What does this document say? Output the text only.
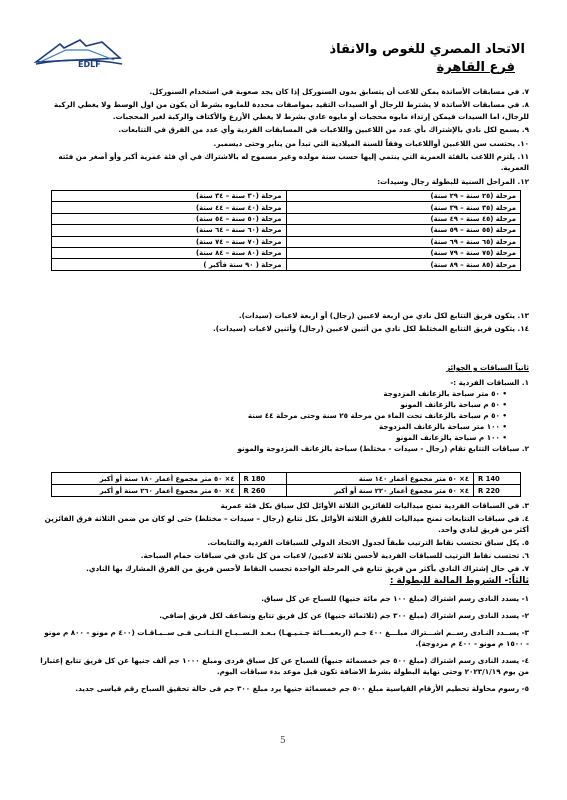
EDLF
الاتحاد المصري للغوص والانقاذ
فرع القاهرة

٧. في مسابقات الأساتذة يمكن للاعب أن يتسابق بدون السنوركل إذا كان يجد صعوبة في استخدام السنوركل.

٨. في مسابقات الأساتذة لا يشترط للرجال أو السيدات التقيد بمواصفات محددة للمايوه بشرط أن يكون من اول الوسط ولا يغطي الركبة للرجال، اما السيدات فيمكن إرتداء مايوه محجبات أو مايوه عادي بشرط لا يغطي الأزرع والأكتاف والركبة لغير المحجبات.

٩. يسمح لكل نادي بالإشتراك بأي عدد من اللاعبين واللاعبات في المسابقات الفردية وأي عدد من الفرق في التتابعات.

١٠. يحتسب سن اللاعبين أواللاعبات وفقاً للسنة الميلادية التي تبدأ من يناير وحتى ديسمبر.

١١. يلتزم اللاعب بالفئة العمرية التي ينتمي إليها حسب سنة مولده وغير مسموح له بالاشتراك في أي فئة عمرية أكبر وأو أصغر من فئته العمرية.

١٢. المراحل السنية للبطولة رجال وسيدات:

مرحلة (٢٥ سنة – ٢٩ سنة)	مرحلة (٣٠ سنة – ٣٤ سنة)
مرحلة (٣٥ سنة – ٣٩ سنة)	مرحلة (٤٠ سنة – ٤٤ سنة)
مرحلة (٤٥ سنة – ٤٩ سنة)	مرحلة (٥٠ سنة – ٥٤ سنة)
مرحلة (٥٥ سنة – ٥٩ سنة)	مرحلة (٦٠ سنة – ٦٤ سنة)
مرحلة (٦٥ سنة – ٦٩ سنة)	مرحلة (٧٠ سنة – ٧٤ سنة)
مرحلة (٧٥ سنة – ٧٩ سنة)	مرحلة (٨٠ سنة – ٨٤ سنة)
مرحلة (٨٥ سنة – ٨٩ سنة)	مرحلة ( ٩٠ سنة فأكبر )

١٣. يتكون فريق التتابع لكل نادي من اربعة لاعبين (رجال) أو اربعة لاعبات (سيدات).

١٤. يتكون فريق التتابع المختلط لكل نادي من أثنين لاعبين (رجال) وأثنين لاعبات (سيدات).

ثانياً السباقات و الجوائز
١. السباقات الفردية :-
• ٥٠ متر سباحة بالزعانف المزدوجة
• ٥٠ م سباحة بالزعانف المونو
• ٥٠ م سباحة بالزعانف تحت الماء من مرحلة ٢٥ سنة وحتى مرحلة ٤٤ سنة
• ١٠٠ متر سباحة بالزعانف المزدوجة
• ١٠٠ م سباحة بالزعانف المونو
٢. سباقات التتابع تقام (رجال - سيدات - مختلط) سباحة بالزعانف المزدوجة والمونو
R 140	٤× ٥٠ متر مجموع أعمار ١٤٠ سنة	R 180	٤× ٥٠ متر مجموع أعمار ١٨٠ سنة أو أكبر
R 220	٤× ٥٠ متر مجموع أعمار ٢٢٠ سنة أو أكبر	R 260	٤× ٥٠ متر مجموع أعمار ٢٦٠ سنة أو أكبر

٣. في السباقات الفردية تمنح ميداليات للفائزين الثلاثة الأوائل لكل سباق بكل فئة عمرية

٤. في سباقات التتابعات تمنح ميداليات للفرق الثلاثة الأوائل بكل تتابع (رجال – سيدات – مختلط) حتى لو كان من ضمن الثلاثة فرق الفائزين أكثر من فريق لنادي واحد.

٥. يكل سباق تحتسب نقاط الترتيب طبقاً لجدول الاتحاد الدولي للسباقات الفردية والتتابعات.

٦. تحتسب نقاط الترتيب للسباقات الفردية لأحسن ثلاثة لاعبين/ لاعبات من كل نادي في سباقات حمام السباحة.

٧. في حال إشتراك النادي بأكثر من فريق تتابع في المرحلة الواحدة تحسب النقاط لأحسن فريق من الفرق المشارك بها النادي.

ثالثاً:- الشروط المالية للبطولة :

١- يسدد النادى رسم اشتراك (مبلغ ١٠٠ جم مائة جنيها) للسباح عن كل سباق.

٢- يسدد النادى رسم اشتراك (مبلغ ٣٠٠ جم (ثلاثمائة جنيها) عن كل فريق تتابع وتضاعف لكل فريق إضافي.

٣- يســدد النـادى رســم اشـــتراك مبلـــغ ٤٠٠ جـم (اربعمـــائة جـنـيـهـا) بـعـد الـســبـاح الـثـانـى فـى ســبـاقـات (٤٠٠ م مونو - ٨٠٠ م مونو - ١٥٠٠ م مونو - ٤٠٠ م مزدوجة).

٤- يسدد النادى رسم اشتراك (مبلغ ٥٠٠ جم خمسمائة جنيهاً) للسباح عن كل سباق فردى ومبلغ ١٠٠٠ جم ألف جنيها عن كل فريق تتابع إعتبارا من يوم ٢٠٢٣/١/١٩ وحتى نهاية البطولة بشرط الاضافة تكون قبل موعد بدء سباقات اليوم.

٥- رسوم محاولة تحطيم الأرقام القياسية مبلغ ٥٠٠ جم خمسمائة جنيها يرد مبلغ ٣٠٠ جم فى حالة تحقيق السباح رقم قياسى جديد.

5
